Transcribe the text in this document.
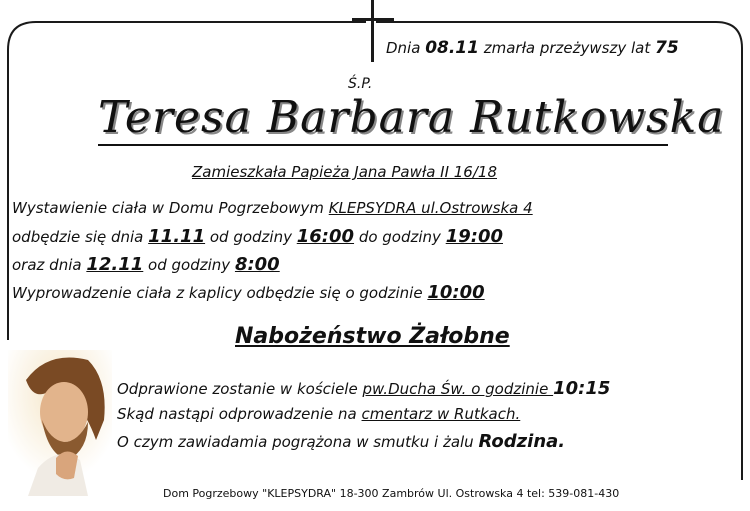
Dnia 08.11 zmarła przeżywszy lat 75
Ś.P.
Teresa Barbara Rutkowska
Zamieszkała Papieża Jana Pawła II 16/18
Wystawienie ciała w Domu Pogrzebowym KLEPSYDRA ul.Ostrowska 4
odbędzie się dnia 11.11 od godziny 16:00 do godziny 19:00
oraz dnia 12.11 od godziny 8:00
Wyprowadzenie ciała z kaplicy odbędzie się o godzinie 10:00
Nabożeństwo Żałobne
Odprawione zostanie w kościele pw.Ducha Św. o godzinie 10:15
Skąd nastąpi odprowadzenie na cmentarz w Rutkach.
O czym zawiadamia pogrążona w smutku i żalu Rodzina.
Dom Pogrzebowy "KLEPSYDRA" 18-300 Zambrów Ul. Ostrowska 4 tel: 539-081-430
